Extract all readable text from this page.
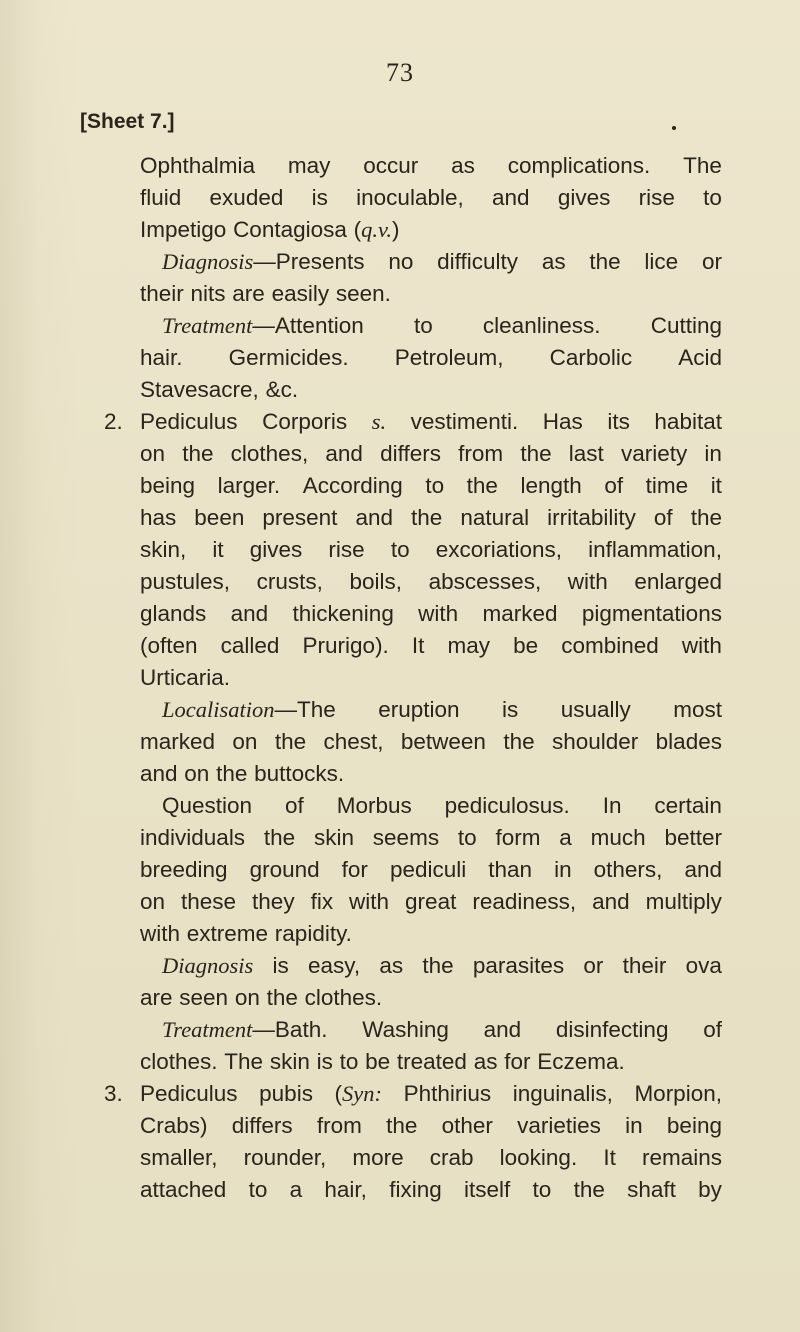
73
[Sheet 7.]
Ophthalmia may occur as complications. The
fluid exuded is inoculable, and gives rise to
Impetigo Contagiosa (q.v.)
Diagnosis—Presents no difficulty as the lice or
their nits are easily seen.
Treatment—Attention to cleanliness. Cutting
hair. Germicides. Petroleum, Carbolic Acid
Stavesacre, &c.
2. Pediculus Corporis s. vestimenti. Has its habitat
on the clothes, and differs from the last variety in
being larger. According to the length of time it
has been present and the natural irritability of the
skin, it gives rise to excoriations, inflammation,
pustules, crusts, boils, abscesses, with enlarged
glands and thickening with marked pigmentations
(often called Prurigo). It may be combined with
Urticaria.
Localisation—The eruption is usually most
marked on the chest, between the shoulder blades
and on the buttocks.
Question of Morbus pediculosus. In certain
individuals the skin seems to form a much better
breeding ground for pediculi than in others, and
on these they fix with great readiness, and multiply
with extreme rapidity.
Diagnosis is easy, as the parasites or their ova
are seen on the clothes.
Treatment—Bath. Washing and disinfecting of
clothes. The skin is to be treated as for Eczema.
3. Pediculus pubis (Syn: Phthirius inguinalis, Morpion,
Crabs) differs from the other varieties in being
smaller, rounder, more crab looking. It remains
attached to a hair, fixing itself to the shaft by
